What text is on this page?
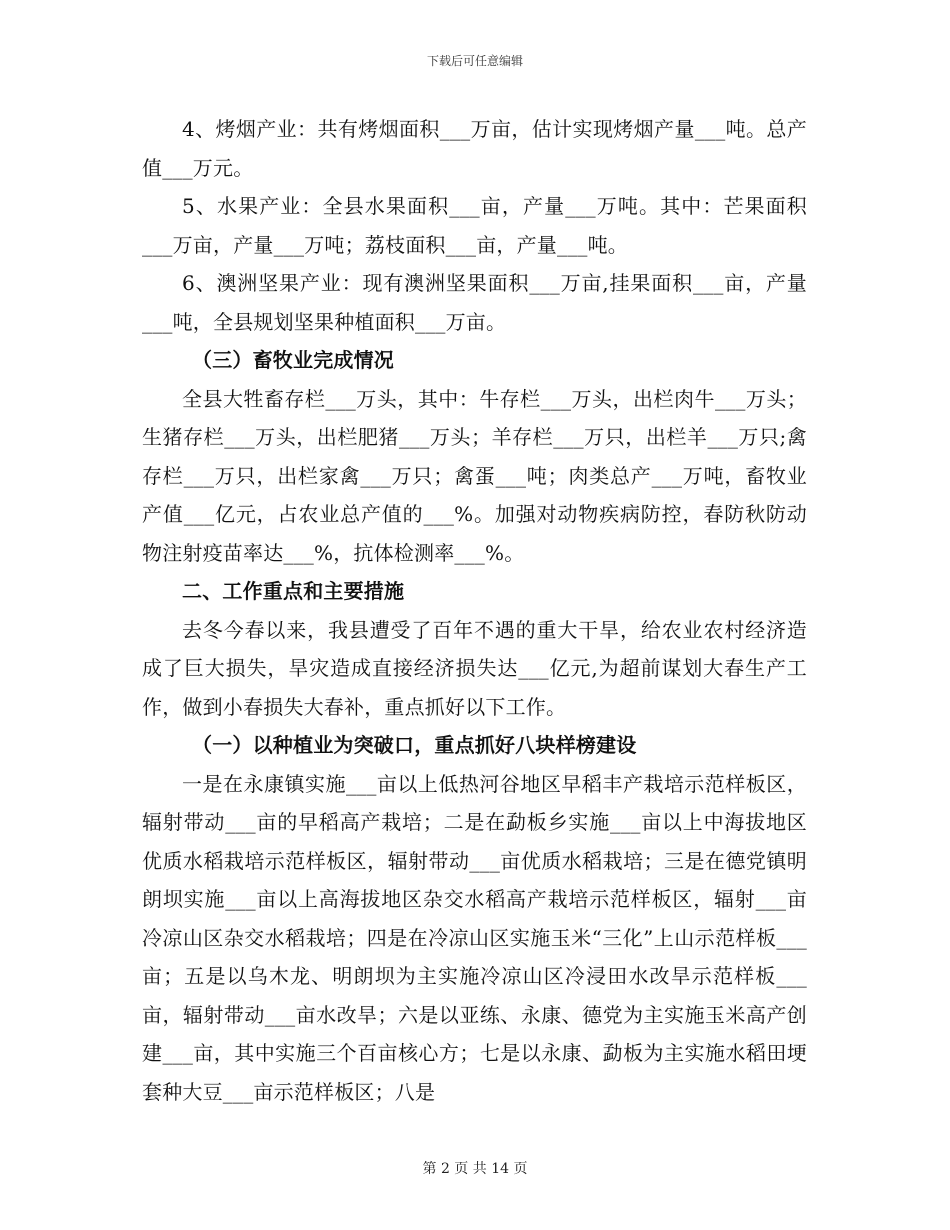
下载后可任意编辑

4、烤烟产业：共有烤烟面积___万亩，估计实现烤烟产量___吨。总产值___万元。

5、水果产业：全县水果面积___亩，产量___万吨。其中：芒果面积___万亩，产量___万吨；荔枝面积___亩，产量___吨。

6、澳洲坚果产业：现有澳洲坚果面积___万亩,挂果面积___亩，产量___吨，全县规划坚果种植面积___万亩。

（三）畜牧业完成情况

全县大牲畜存栏___万头，其中：牛存栏___万头，出栏肉牛___万头；生猪存栏___万头，出栏肥猪___万头；羊存栏___万只，出栏羊___万只;禽存栏___万只，出栏家禽___万只；禽蛋___吨；肉类总产___万吨，畜牧业产值___亿元，占农业总产值的___%。加强对动物疾病防控，春防秋防动物注射疫苗率达___%，抗体检测率___%。

二、工作重点和主要措施

去冬今春以来，我县遭受了百年不遇的重大干旱，给农业农村经济造成了巨大损失，旱灾造成直接经济损失达___亿元,为超前谋划大春生产工作，做到小春损失大春补，重点抓好以下工作。

（一）以种植业为突破口，重点抓好八块样榜建设

一是在永康镇实施___亩以上低热河谷地区早稻丰产栽培示范样板区，辐射带动___亩的早稻高产栽培；二是在勐板乡实施___亩以上中海拔地区优质水稻栽培示范样板区，辐射带动___亩优质水稻栽培；三是在德党镇明朗坝实施___亩以上高海拔地区杂交水稻高产栽培示范样板区，辐射___亩冷凉山区杂交水稻栽培；四是在冷凉山区实施玉米“三化”上山示范样板___亩；五是以乌木龙、明朗坝为主实施冷凉山区冷浸田水改旱示范样板___亩，辐射带动___亩水改旱；六是以亚练、永康、德党为主实施玉米高产创建___亩，其中实施三个百亩核心方；七是以永康、勐板为主实施水稻田埂套种大豆___亩示范样板区；八是

第 2 页 共 14 页
